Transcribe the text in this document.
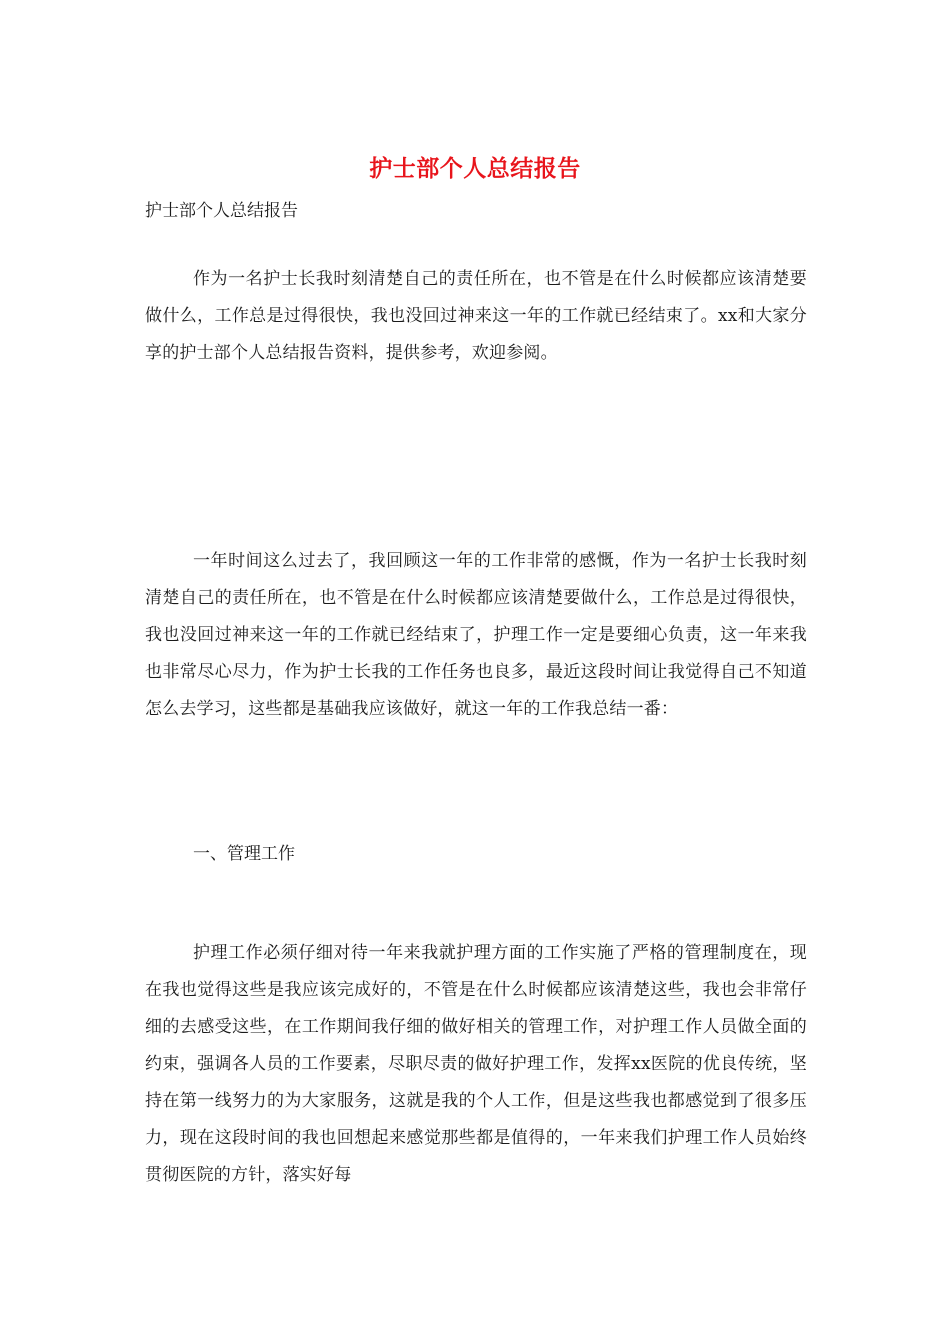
护士部个人总结报告
护士部个人总结报告

作为一名护士长我时刻清楚自己的责任所在，也不管是在什么时候都应该清楚要做什么，工作总是过得很快，我也没回过神来这一年的工作就已经结束了。xx和大家分享的护士部个人总结报告资料，提供参考，欢迎参阅。

一年时间这么过去了，我回顾这一年的工作非常的感慨，作为一名护士长我时刻清楚自己的责任所在，也不管是在什么时候都应该清楚要做什么，工作总是过得很快，我也没回过神来这一年的工作就已经结束了，护理工作一定是要细心负责，这一年来我也非常尽心尽力，作为护士长我的工作任务也良多，最近这段时间让我觉得自己不知道怎么去学习，这些都是基础我应该做好，就这一年的工作我总结一番：

一、管理工作

护理工作必须仔细对待一年来我就护理方面的工作实施了严格的管理制度在，现在我也觉得这些是我应该完成好的，不管是在什么时候都应该清楚这些，我也会非常仔细的去感受这些，在工作期间我仔细的做好相关的管理工作，对护理工作人员做全面的约束，强调各人员的工作要素，尽职尽责的做好护理工作，发挥xx医院的优良传统，坚持在第一线努力的为大家服务，这就是我的个人工作，但是这些我也都感觉到了很多压力，现在这段时间的我也回想起来感觉那些都是值得的，一年来我们护理工作人员始终贯彻医院的方针，落实好每
